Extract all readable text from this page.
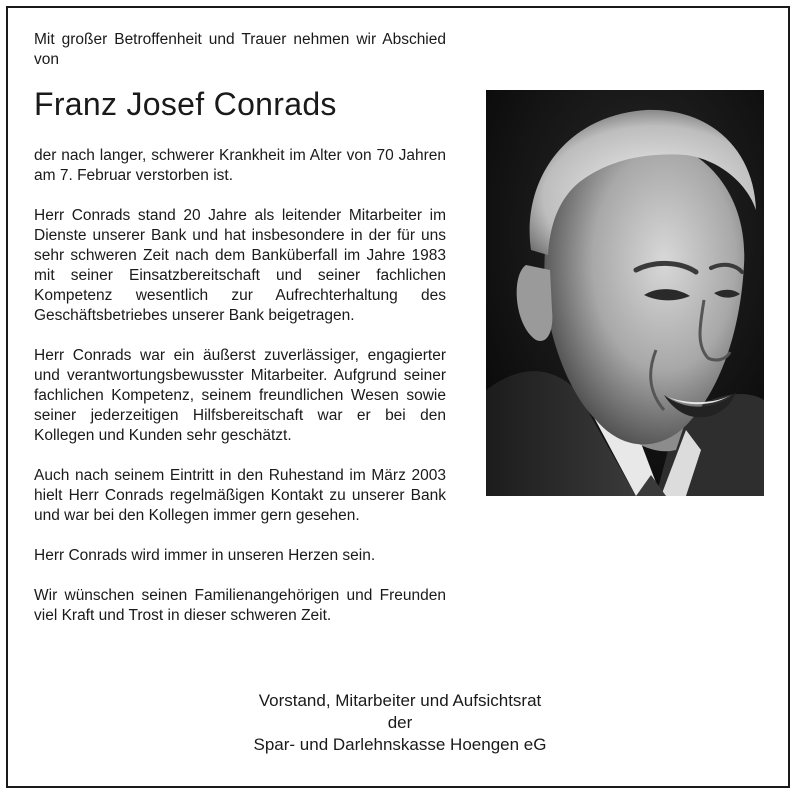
Mit großer Betroffenheit und Trauer nehmen wir Abschied von
Franz Josef Conrads

der nach langer, schwerer Krankheit im Alter von 70 Jahren am 7. Februar verstorben ist.

Herr Conrads stand 20 Jahre als leitender Mitarbeiter im Dienste unserer Bank und hat insbesondere in der für uns sehr schweren Zeit nach dem Banküberfall im Jahre 1983 mit seiner Einsatzbereitschaft und seiner fachlichen Kompetenz wesentlich zur Aufrechterhaltung des Geschäftsbetriebes unserer Bank beigetragen.

Herr Conrads war ein äußerst zuverlässiger, engagierter und verantwortungsbewusster Mitarbeiter. Aufgrund seiner fachlichen Kompetenz, seinem freundlichen Wesen sowie seiner jederzeitigen Hilfsbereitschaft war er bei den Kollegen und Kunden sehr geschätzt.

Auch nach seinem Eintritt in den Ruhestand im März 2003 hielt Herr Conrads regelmäßigen Kontakt zu unserer Bank und war bei den Kollegen immer gern gesehen.

Herr Conrads wird immer in unseren Herzen sein.

Wir wünschen seinen Familienangehörigen und Freunden viel Kraft und Trost in dieser schweren Zeit.

Vorstand, Mitarbeiter und Aufsichtsrat
der
Spar- und Darlehnskasse Hoengen eG
